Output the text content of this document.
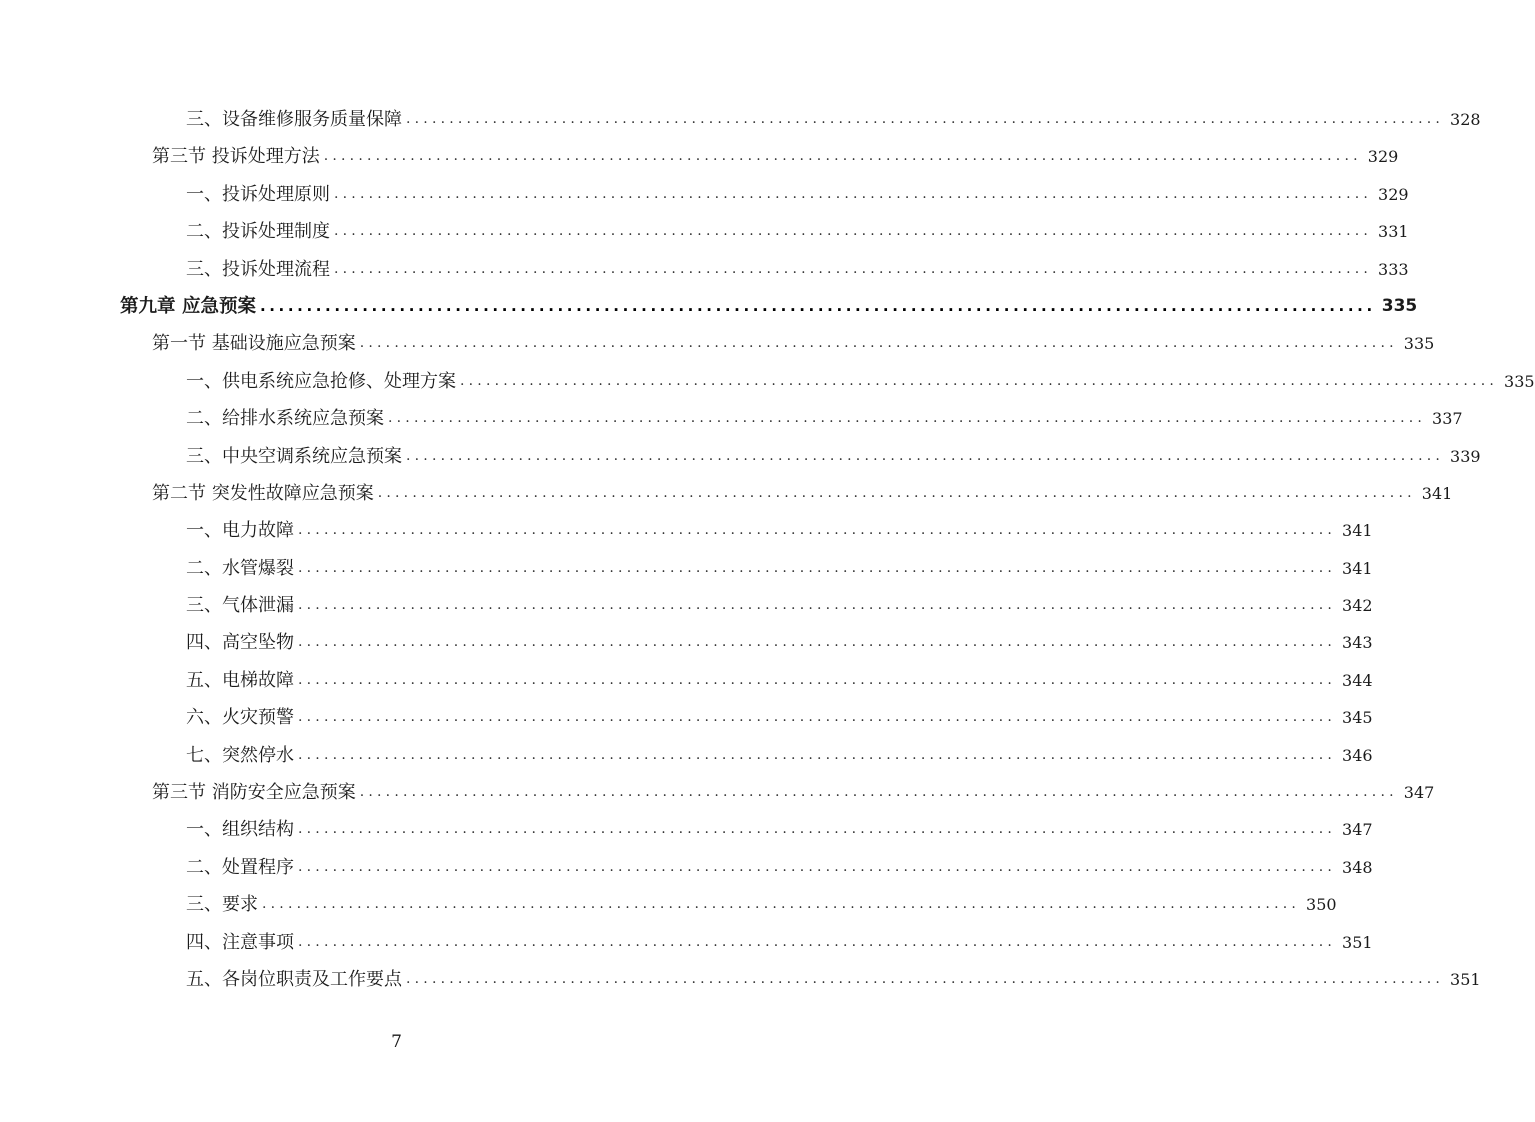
三、设备维修服务质量保障 ........................................................................................................................ 328
第三节 投诉处理方法 ........................................................................................................................ 329
一、投诉处理原则 ........................................................................................................................ 329
二、投诉处理制度 ........................................................................................................................ 331
三、投诉处理流程 ........................................................................................................................ 333
第九章 应急预案 ........................................................................................................................ 335
第一节 基础设施应急预案 ........................................................................................................................ 335
一、供电系统应急抢修、处理方案 ........................................................................................................................ 335
二、给排水系统应急预案 ........................................................................................................................ 337
三、中央空调系统应急预案 ........................................................................................................................ 339
第二节 突发性故障应急预案 ........................................................................................................................ 341
一、电力故障 ........................................................................................................................ 341
二、水管爆裂 ........................................................................................................................ 341
三、气体泄漏 ........................................................................................................................ 342
四、高空坠物 ........................................................................................................................ 343
五、电梯故障 ........................................................................................................................ 344
六、火灾预警 ........................................................................................................................ 345
七、突然停水 ........................................................................................................................ 346
第三节 消防安全应急预案 ........................................................................................................................ 347
一、组织结构 ........................................................................................................................ 347
二、处置程序 ........................................................................................................................ 348
三、要求 ........................................................................................................................ 350
四、注意事项 ........................................................................................................................ 351
五、各岗位职责及工作要点 ........................................................................................................................ 351
7
